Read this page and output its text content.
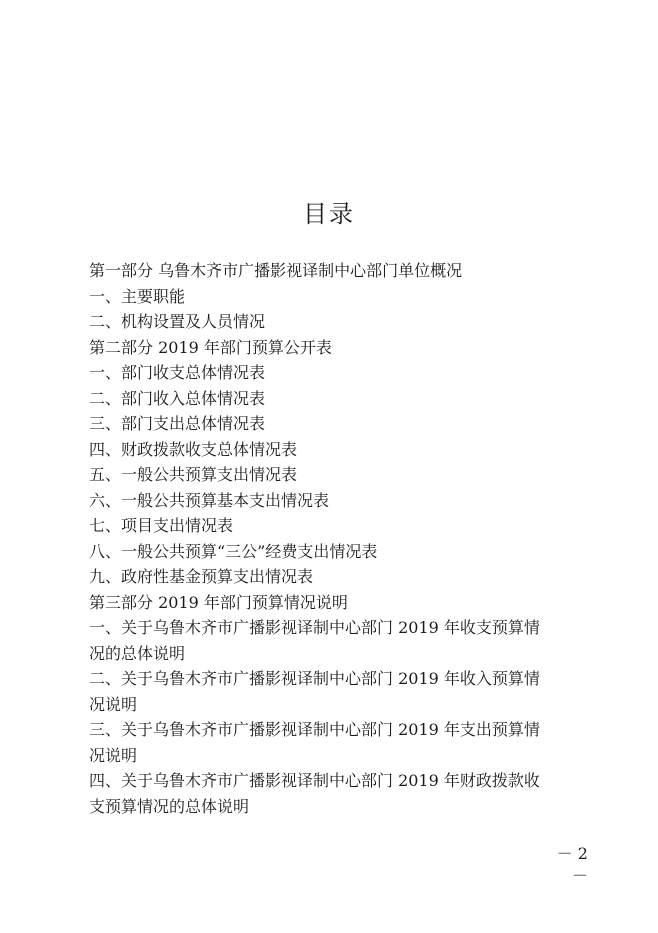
目录
第一部分 乌鲁木齐市广播影视译制中心部门单位概况
一、主要职能
二、机构设置及人员情况
第二部分 2019 年部门预算公开表
一、部门收支总体情况表
二、部门收入总体情况表
三、部门支出总体情况表
四、财政拨款收支总体情况表
五、一般公共预算支出情况表
六、一般公共预算基本支出情况表
七、项目支出情况表
八、一般公共预算“三公”经费支出情况表
九、政府性基金预算支出情况表
第三部分 2019 年部门预算情况说明
一、关于乌鲁木齐市广播影视译制中心部门 2019 年收支预算情
况的总体说明
二、关于乌鲁木齐市广播影视译制中心部门 2019 年收入预算情
况说明
三、关于乌鲁木齐市广播影视译制中心部门 2019 年支出预算情
况说明
四、关于乌鲁木齐市广播影视译制中心部门 2019 年财政拨款收
支预算情况的总体说明
－ 2 －
